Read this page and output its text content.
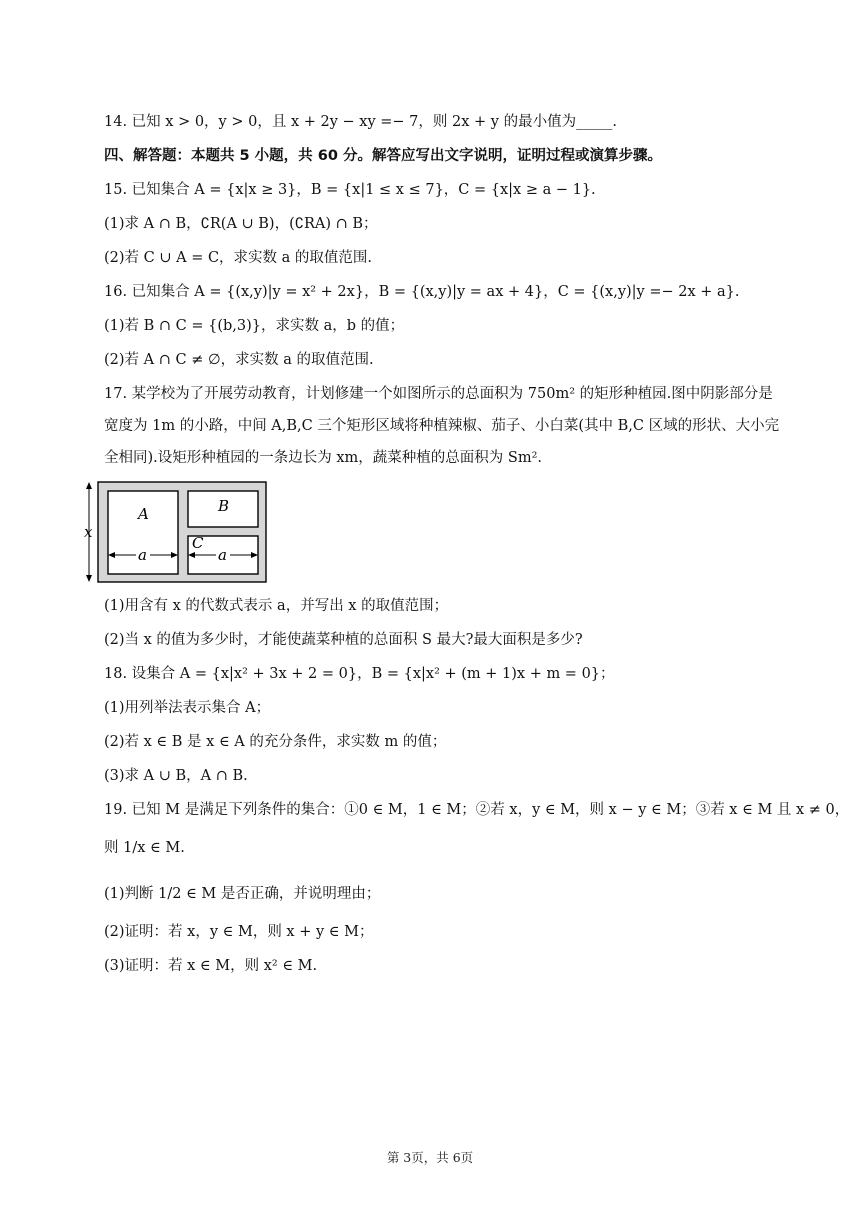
14. 已知 x > 0，y > 0，且 x + 2y − xy =− 7，则 2x + y 的最小值为_____.
四、解答题：本题共 5 小题，共 60 分。解答应写出文字说明，证明过程或演算步骤。
15. 已知集合 A = {x|x ≥ 3}，B = {x|1 ≤ x ≤ 7}，C = {x|x ≥ a − 1}.
(1)求 A ∩ B，∁R(A ∪ B)，(∁RA) ∩ B；
(2)若 C ∪ A = C，求实数 a 的取值范围.
16. 已知集合 A = {(x,y)|y = x² + 2x}，B = {(x,y)|y = ax + 4}，C = {(x,y)|y =− 2x + a}.
(1)若 B ∩ C = {(b,3)}，求实数 a，b 的值；
(2)若 A ∩ C ≠ ∅，求实数 a 的取值范围.
17. 某学校为了开展劳动教育，计划修建一个如图所示的总面积为 750m² 的矩形种植园.图中阴影部分是宽度为 1m 的小路，中间 A,B,C 三个矩形区域将种植辣椒、茄子、小白菜(其中 B,C 区域的形状、大小完全相同).设矩形种植园的一条边长为 xm，蔬菜种植的总面积为 Sm².
x
A	B
C
a	a
(1)用含有 x 的代数式表示 a，并写出 x 的取值范围；
(2)当 x 的值为多少时，才能使蔬菜种植的总面积 S 最大?最大面积是多少?
18. 设集合 A = {x|x² + 3x + 2 = 0}，B = {x|x² + (m + 1)x + m = 0}；
(1)用列举法表示集合 A；
(2)若 x ∈ B 是 x ∈ A 的充分条件，求实数 m 的值；
(3)求 A ∪ B，A ∩ B.
19. 已知 M 是满足下列条件的集合：①0 ∈ M，1 ∈ M；②若 x，y ∈ M，则 x − y ∈ M；③若 x ∈ M 且 x ≠ 0，
则 1/x ∈ M.
(1)判断 1/2 ∈ M 是否正确，并说明理由；
(2)证明：若 x，y ∈ M，则 x + y ∈ M；
(3)证明：若 x ∈ M，则 x² ∈ M.
第 3页，共 6页
